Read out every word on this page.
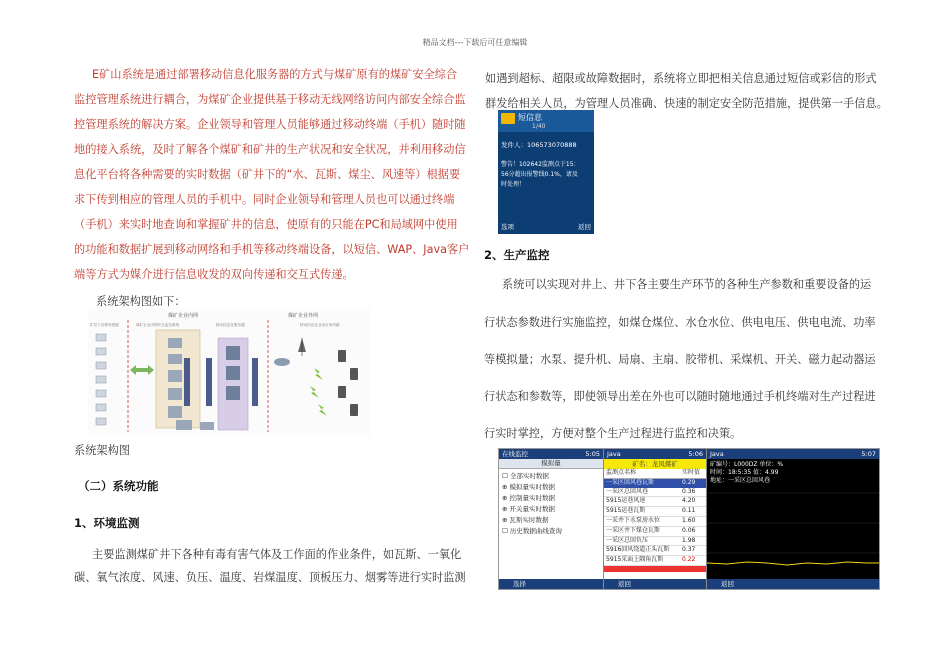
精品文档---下载后可任意编辑
E矿山系统是通过部署移动信息化服务器的方式与煤矿原有的煤矿安全综合
监控管理系统进行耦合，为煤矿企业提供基于移动无线网络访问内部安全综合监
控管理系统的解决方案。企业领导和管理人员能够通过移动终端（手机）随时随
地的接入系统，及时了解各个煤矿和矿井的生产状况和安全状况，并利用移动信
息化平台将各种需要的实时数据（矿井下的“水、瓦斯、煤尘、风速等）根据要
求下传到相应的管理人员的手机中。同时企业领导和管理人员也可以通过终端
（手机）来实时地查询和掌握矿井的信息，使原有的只能在PC和局域网中使用
的功能和数据扩展到移动网络和手机等移动终端设备，以短信、WAP、Java客户
端等方式为媒介进行信息收发的双向传递和交互式传递。
系统架构图如下：
煤矿企业内网	煤矿企业外网
矿井下各种传感器	煤矿企业内网安全监控系统	移动信息化服务器	移动信息化业务应用终端
系统架构图
（二）系统功能
1、环境监测
主要监测煤矿井下各种有毒有害气体及工作面的作业条件，如瓦斯、一氧化
碳、氧气浓度、风速、负压、温度、岩煤温度、顶板压力、烟雾等进行实时监测
如遇到超标、超限或故障数据时，系统将立即把相关信息通过短信或彩信的形式
群发给相关人员，为管理人员准确、快速的制定安全防范措施，提供第一手信息。
短信息
1/40
发件人：106573070888
警告！102642监测点于15：
56分超出报警线0.1%，请及
时处理！
选项	返回
2、生产监控
系统可以实现对井上、井下各主要生产环节的各种生产参数和重要设备的运
行状态参数进行实施监控，如煤仓煤位、水仓水位、供电电压、供电电流、功率
等模拟量；水泵、提升机、局扇、主扇、胶带机、采煤机、开关、磁力起动器运
行状态和参数等，即使领导出差在外也可以随时随地通过手机终端对生产过程进
行实时掌控，方便对整个生产过程进行监控和决策。
在线监控	5:05
模拟量
☐ 全部实时数据
⊕ 模拟量实时数据
⊕ 控制量实时数据
⊕ 开关量实时数据
⊕ 瓦斯实时数据
☐ 历史数据曲线查询
选择
Java	5:06
矿名：龙凤煤矿
监测点名称	实时值
一采区回风巷瓦斯	0.29
一采区总回风巷	0.36
5915运巷风速	4.20
5915运巷瓦斯	0.11
一采井下水泵房水位	1.60
一采区井下煤仓瓦斯	0.06
一采区总回负压	1.98
5916回风绕道正头瓦斯	0.37
5915采面上隅角瓦斯	0.22
返回
Java	5:07
矿编号：L000DZ 单位：%
时间：18:5:35 值：4.99
地址：一采区总回风巷
返回
